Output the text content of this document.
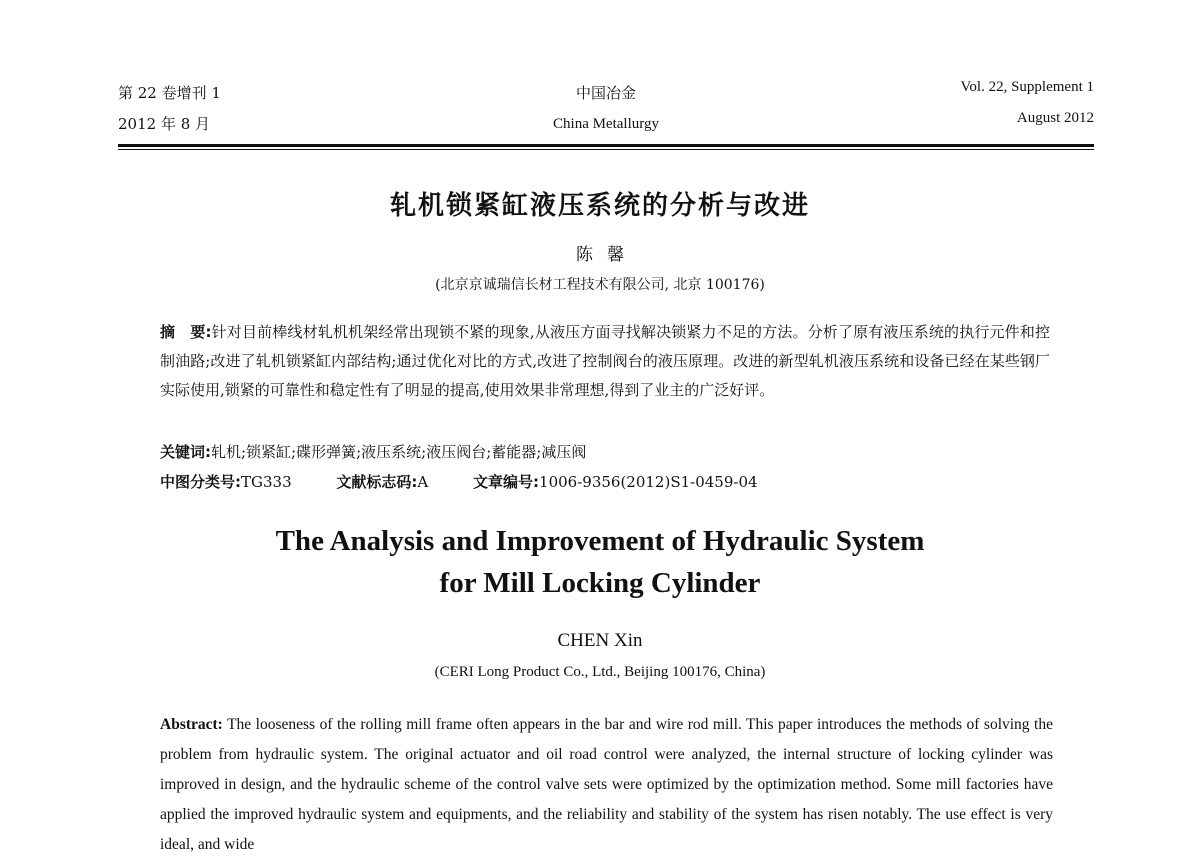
第 22 卷增刊 1
2012 年 8 月
中国冶金
China Metallurgy
Vol. 22, Supplement 1
August 2012
轧机锁紧缸液压系统的分析与改进
陈馨
(北京京诚瑞信长材工程技术有限公司, 北京 100176)
摘　要:针对目前棒线材轧机机架经常出现锁不紧的现象,从液压方面寻找解决锁紧力不足的方法。分析了原有液压系统的执行元件和控制油路;改进了轧机锁紧缸内部结构;通过优化对比的方式,改进了控制阀台的液压原理。改进的新型轧机液压系统和设备已经在某些钢厂实际使用,锁紧的可靠性和稳定性有了明显的提高,使用效果非常理想,得到了业主的广泛好评。
关键词:轧机;锁紧缸;碟形弹簧;液压系统;液压阀台;蓄能器;减压阀
中图分类号:TG333	文献标志码:A	文章编号:1006-9356(2012)S1-0459-04
The Analysis and Improvement of Hydraulic System
for Mill Locking Cylinder
CHEN Xin
(CERI Long Product Co., Ltd., Beijing 100176, China)
Abstract: The looseness of the rolling mill frame often appears in the bar and wire rod mill. This paper introduces the methods of solving the problem from hydraulic system. The original actuator and oil road control were analyzed, the internal structure of locking cylinder was improved in design, and the hydraulic scheme of the control valve sets were optimized by the optimization method. Some mill factories have applied the improved hydraulic system and equipments, and the reliability and stability of the system has risen notably. The use effect is very ideal, and wide
